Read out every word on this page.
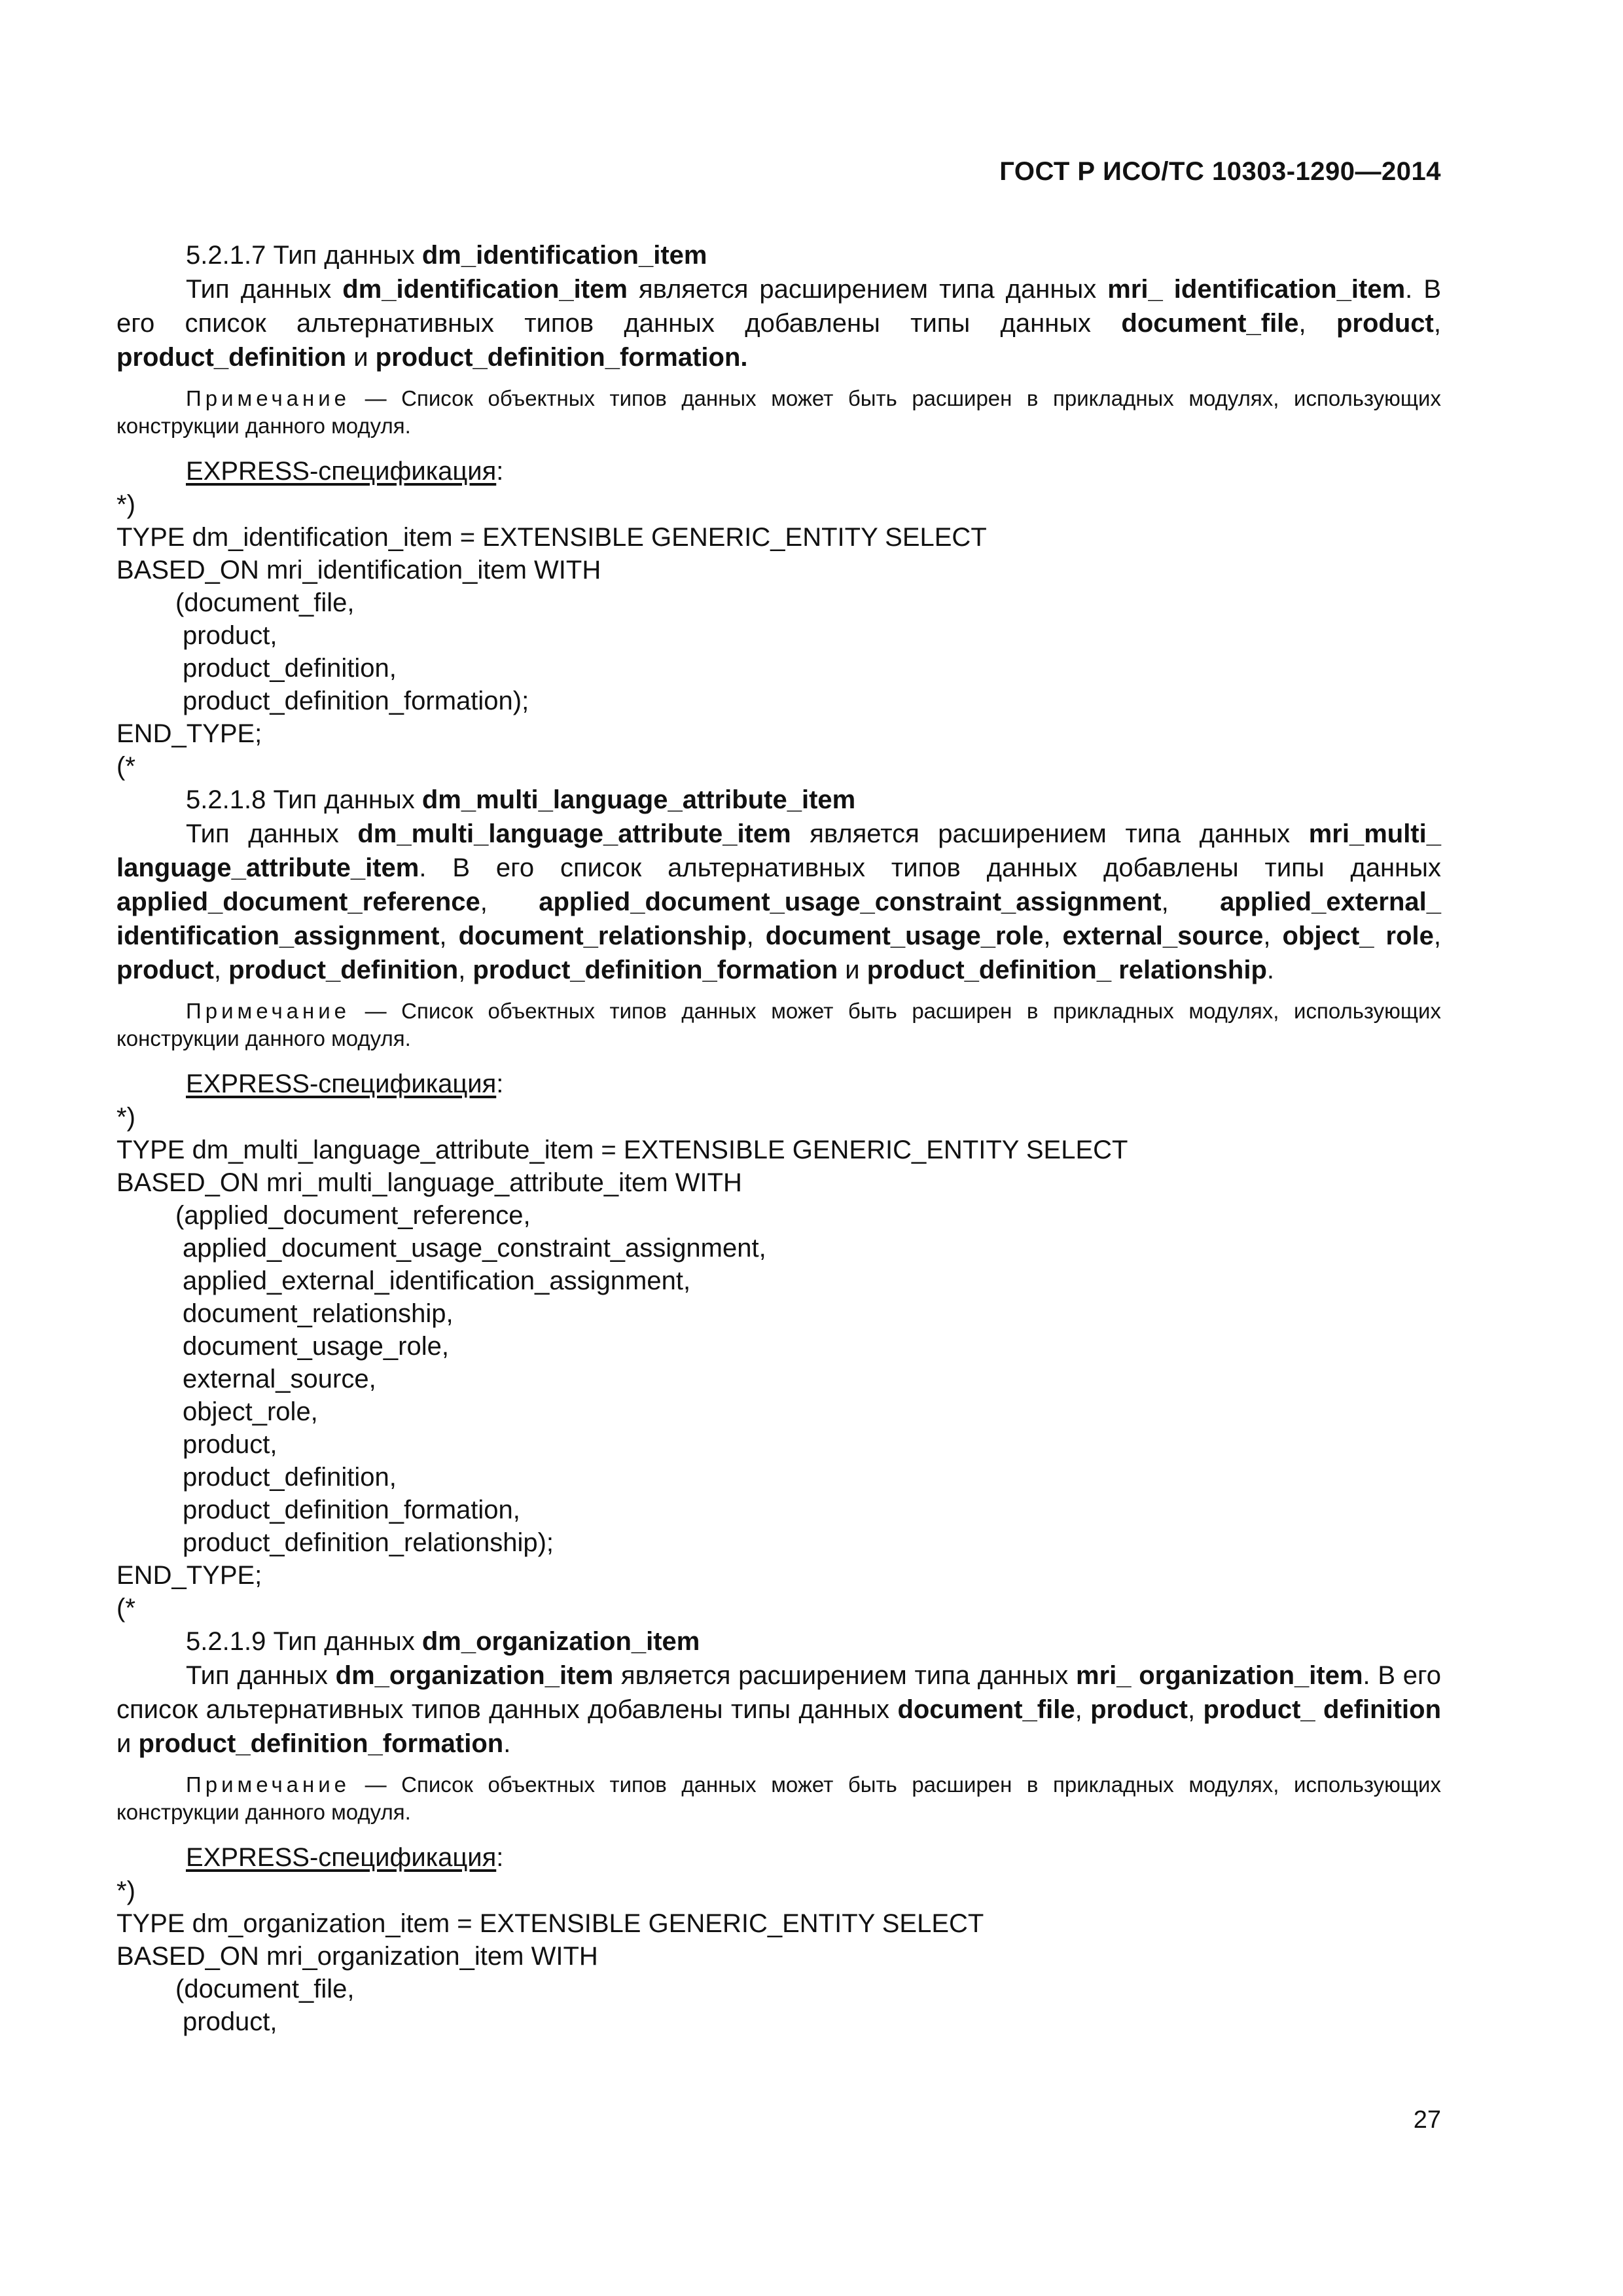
ГОСТ Р ИСО/ТС 10303-1290—2014
5.2.1.7 Тип данных dm_identification_item
Тип данных dm_identification_item является расширением типа данных mri_ identification_item. В его список альтернативных типов данных добавлены типы данных document_file, product, product_definition и product_definition_formation.
Примечание — Список объектных типов данных может быть расширен в прикладных модулях, использующих конструкции данного модуля.
EXPRESS-спецификация:
*)
TYPE dm_identification_item = EXTENSIBLE GENERIC_ENTITY SELECT
BASED_ON mri_identification_item WITH
(document_file,
product,
product_definition,
product_definition_formation);
END_TYPE;
(*
5.2.1.8 Тип данных dm_multi_language_attribute_item
Тип данных dm_multi_language_attribute_item является расширением типа данных mri_multi_ language_attribute_item. В его список альтернативных типов данных добавлены типы данных applied_document_reference, applied_document_usage_constraint_assignment, applied_external_ identification_assignment, document_relationship, document_usage_role, external_source, object_ role, product, product_definition, product_definition_formation и product_definition_ relationship.
Примечание — Список объектных типов данных может быть расширен в прикладных модулях, использующих конструкции данного модуля.
EXPRESS-спецификация:
*)
TYPE dm_multi_language_attribute_item = EXTENSIBLE GENERIC_ENTITY SELECT
BASED_ON mri_multi_language_attribute_item WITH
(applied_document_reference,
applied_document_usage_constraint_assignment,
applied_external_identification_assignment,
document_relationship,
document_usage_role,
external_source,
object_role,
product,
product_definition,
product_definition_formation,
product_definition_relationship);
END_TYPE;
(*
5.2.1.9 Тип данных dm_organization_item
Тип данных dm_organization_item является расширением типа данных mri_ organization_item. В его список альтернативных типов данных добавлены типы данных document_file, product, product_ definition и product_definition_formation.
Примечание — Список объектных типов данных может быть расширен в прикладных модулях, использующих конструкции данного модуля.
EXPRESS-спецификация:
*)
TYPE dm_organization_item = EXTENSIBLE GENERIC_ENTITY SELECT
BASED_ON mri_organization_item WITH
(document_file,
product,
27
